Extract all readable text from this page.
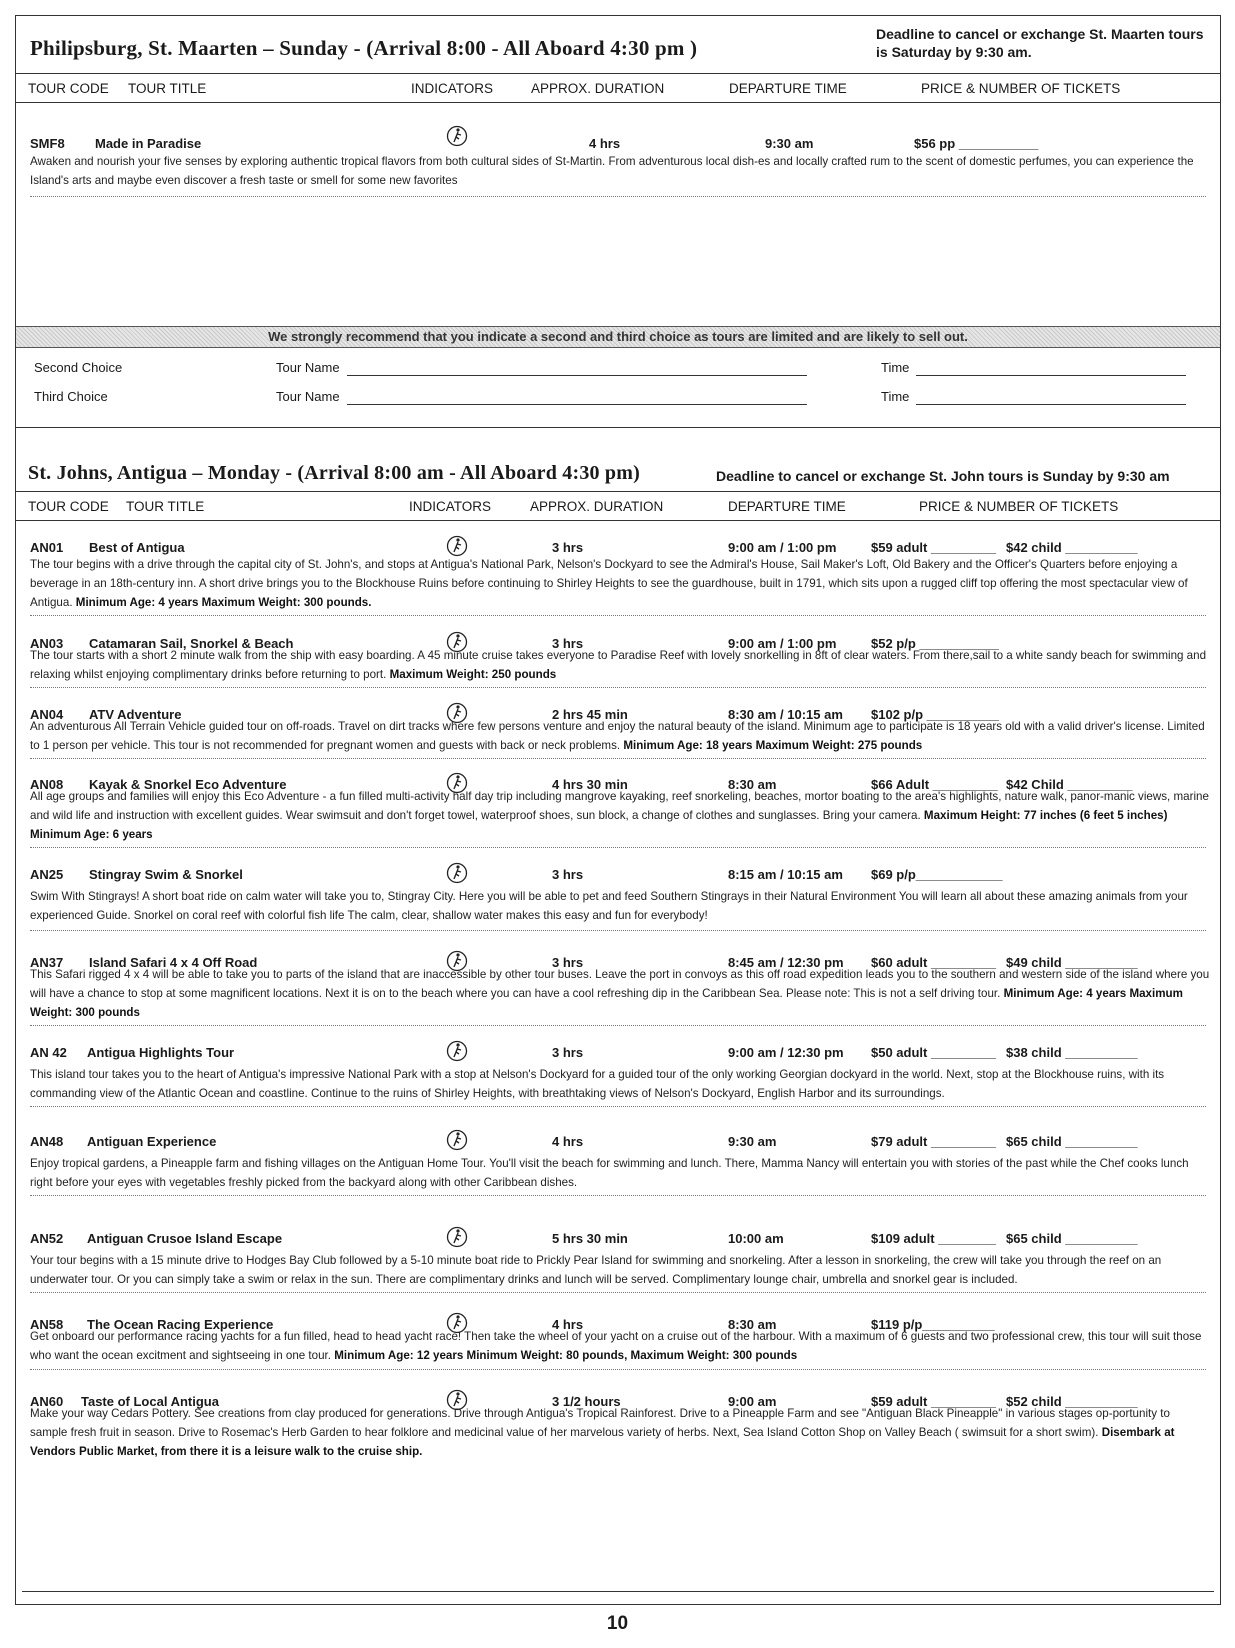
Philipsburg, St. Maarten – Sunday - (Arrival 8:00 - All Aboard 4:30 pm )
Deadline to cancel or exchange St. Maarten tours
is Saturday by 9:30 am.
TOUR CODE TOUR TITLE	INDICATORS	APPROX. DURATION	DEPARTURE TIME	PRICE & NUMBER OF TICKETS
SMF8 Made in Paradise	4 hrs	9:30 am	$56 pp ___________
Awaken and nourish your five senses by exploring authentic tropical flavors from both cultural sides of St-Martin. From adventurous local dish-es and locally crafted rum to the scent of domestic perfumes, you can experience the Island's arts and maybe even discover a fresh taste or smell for some new favorites
We strongly recommend that you indicate a second and third choice as tours are limited and are likely to sell out.
Second Choice	Tour Name	Time
Third Choice	Tour Name	Time
St. Johns, Antigua – Monday - (Arrival 8:00 am - All Aboard 4:30 pm)	Deadline to cancel or exchange St. John tours is Sunday by 9:30 am
TOUR CODE TOUR TITLE	INDICATORS	APPROX. DURATION	DEPARTURE TIME	PRICE & NUMBER OF TICKETS
AN01 Best of Antigua	3 hrs	9:00 am / 1:00 pm	$59 adult _________ $42 child __________
The tour begins with a drive through the capital city of St. John's, and stops at Antigua's National Park, Nelson's Dockyard to see the Admiral's House, Sail Maker's Loft, Old Bakery and the Officer's Quarters before enjoying a beverage in an 18th-century inn. A short drive brings you to the Blockhouse Ruins before continuing to Shirley Heights to see the guardhouse, built in 1791, which sits upon a rugged cliff top offering the most spectacular view of Antigua. Minimum Age: 4 years Maximum Weight: 300 pounds.
AN03 Catamaran Sail, Snorkel & Beach	3 hrs	9:00 am / 1:00 pm	$52 p/p ___________
The tour starts with a short 2 minute walk from the ship with easy boarding. A 45 minute cruise takes everyone to Paradise Reef with lovely snorkelling in 8ft of clear waters. From there,sail to a white sandy beach for swimming and relaxing whilst enjoying complimentary drinks before returning to port. Maximum Weight: 250 pounds
AN04 ATV Adventure	2 hrs 45 min	8:30 am / 10:15 am $102 p/p __________
An adventurous All Terrain Vehicle guided tour on off-roads. Travel on dirt tracks where few persons venture and enjoy the natural beauty of the island. Minimum age to participate is 18 years old with a valid driver's license. Limited to 1 person per vehicle. This tour is not recommended for pregnant women and guests with back or neck problems. Minimum Age: 18 years Maximum Weight: 275 pounds
AN08 Kayak & Snorkel Eco Adventure	4 hrs 30 min	8:30 am	$66 Adult _________ $42 Child _________
All age groups and families will enjoy this Eco Adventure - a fun filled multi-activity half day trip including mangrove kayaking, reef snorkeling, beaches, mortor boating to the area's highlights, nature walk, panor-manic views, marine and wild life and instruction with excellent guides. Wear swimsuit and don't forget towel, waterproof shoes, sun block, a change of clothes and sunglasses. Bring your camera. Maximum Height: 77 inches (6 feet 5 inches) Minimum Age: 6 years
AN25 Stingray Swim & Snorkel	3 hrs	8:15 am / 10:15 am $69 p/p____________
Swim With Stingrays! A short boat ride on calm water will take you to, Stingray City. Here you will be able to pet and feed Southern Stingrays in their Natural Environment You will learn all about these amazing animals from your experienced Guide. Snorkel on coral reef with colorful fish life The calm, clear, shallow water makes this easy and fun for everybody!
AN37 Island Safari 4 x 4 Off Road	3 hrs	8:45 am / 12:30 pm $60 adult _________ $49 child __________
This Safari rigged 4 x 4 will be able to take you to parts of the island that are inaccessible by other tour buses. Leave the port in convoys as this off road expedition leads you to the southern and western side of the island where you will have a chance to stop at some magnificent locations. Next it is on to the beach where you can have a cool refreshing dip in the Caribbean Sea. Please note: This is not a self driving tour. Minimum Age: 4 years Maximum Weight: 300 pounds
AN 42 Antigua Highlights Tour	3 hrs	9:00 am / 12:30 pm $50 adult _________ $38 child __________
This island tour takes you to the heart of Antigua's impressive National Park with a stop at Nelson's Dockyard for a guided tour of the only working Georgian dockyard in the world. Next, stop at the Blockhouse ruins, with its commanding view of the Atlantic Ocean and coastline. Continue to the ruins of Shirley Heights, with breathtaking views of Nelson's Dockyard, English Harbor and its surroundings.
AN48 Antiguan Experience	4 hrs	9:30 am	$79 adult _________ $65 child __________
Enjoy tropical gardens, a Pineapple farm and fishing villages on the Antiguan Home Tour. You'll visit the beach for swimming and lunch. There, Mamma Nancy will entertain you with stories of the past while the Chef cooks lunch right before your eyes with vegetables freshly picked from the backyard along with other Caribbean dishes.
AN52 Antiguan Crusoe Island Escape	5 hrs 30 min	10:00 am	$109 adult ________ $65 child __________
Your tour begins with a 15 minute drive to Hodges Bay Club followed by a 5-10 minute boat ride to Prickly Pear Island for swimming and snorkeling. After a lesson in snorkeling, the crew will take you through the reef on an underwater tour. Or you can simply take a swim or relax in the sun. There are complimentary drinks and lunch will be served. Complimentary lounge chair, umbrella and snorkel gear is included.
AN58 The Ocean Racing Experience	4 hrs	8:30 am	$119 p/p__________
Get onboard our performance racing yachts for a fun filled, head to head yacht race! Then take the wheel of your yacht on a cruise out of the harbour. With a maximum of 6 guests and two professional crew, this tour will suit those who want the ocean excitment and sightseeing in one tour. Minimum Age: 12 years Minimum Weight: 80 pounds, Maximum Weight: 300 pounds
AN60 Taste of Local Antigua	3 1/2 hours	9:00 am	$59 adult _________ $52 child __________
Make your way Cedars Pottery. See creations from clay produced for generations. Drive through Antigua's Tropical Rainforest. Drive to a Pineapple Farm and see "Antiguan Black Pineapple" in various stages op-portunity to sample fresh fruit in season. Drive to Rosemac's Herb Garden to hear folklore and medicinal value of her marvelous variety of herbs. Next, Sea Island Cotton Shop on Valley Beach ( swimsuit for a short swim). Disembark at Vendors Public Market, from there it is a leisure walk to the cruise ship.
10
